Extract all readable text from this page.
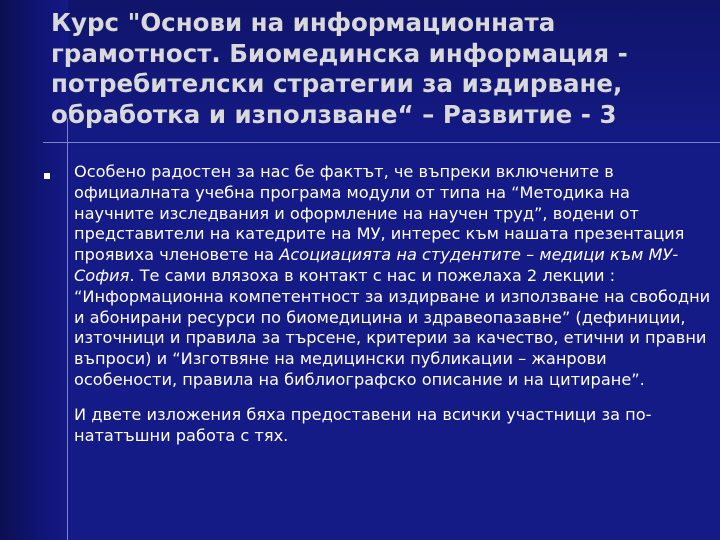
Курс "Основи на информационната
грамотност. Биомединска информация -
потребителски стратегии за издирване,
обработка и използване“ – Развитие - 3

Особено радостен за нас бе фактът, че въпреки включените в официалната учебна програма модули от типа на “Методика на научните изследвания и оформление на научен труд”, водени от представители на катедрите на МУ, интерес към нашата презентация проявиха членовете на Асоциацията на студентите – медици към МУ-София. Те сами влязоха в контакт с нас и пожелаха 2 лекции : “Информационна компетентност за издирване и използване на свободни и абонирани ресурси по биомедицина и здравеопазавне” (дефиниции, източници и правила за търсене, критерии за качество, етични и правни въпроси) и “Изготвяне на медицински публикации – жанрови особености, правила на библиографско описание и на цитиране”.

И двете изложения бяха предоставени на всички участници за по-нататъшни работа с тях.
